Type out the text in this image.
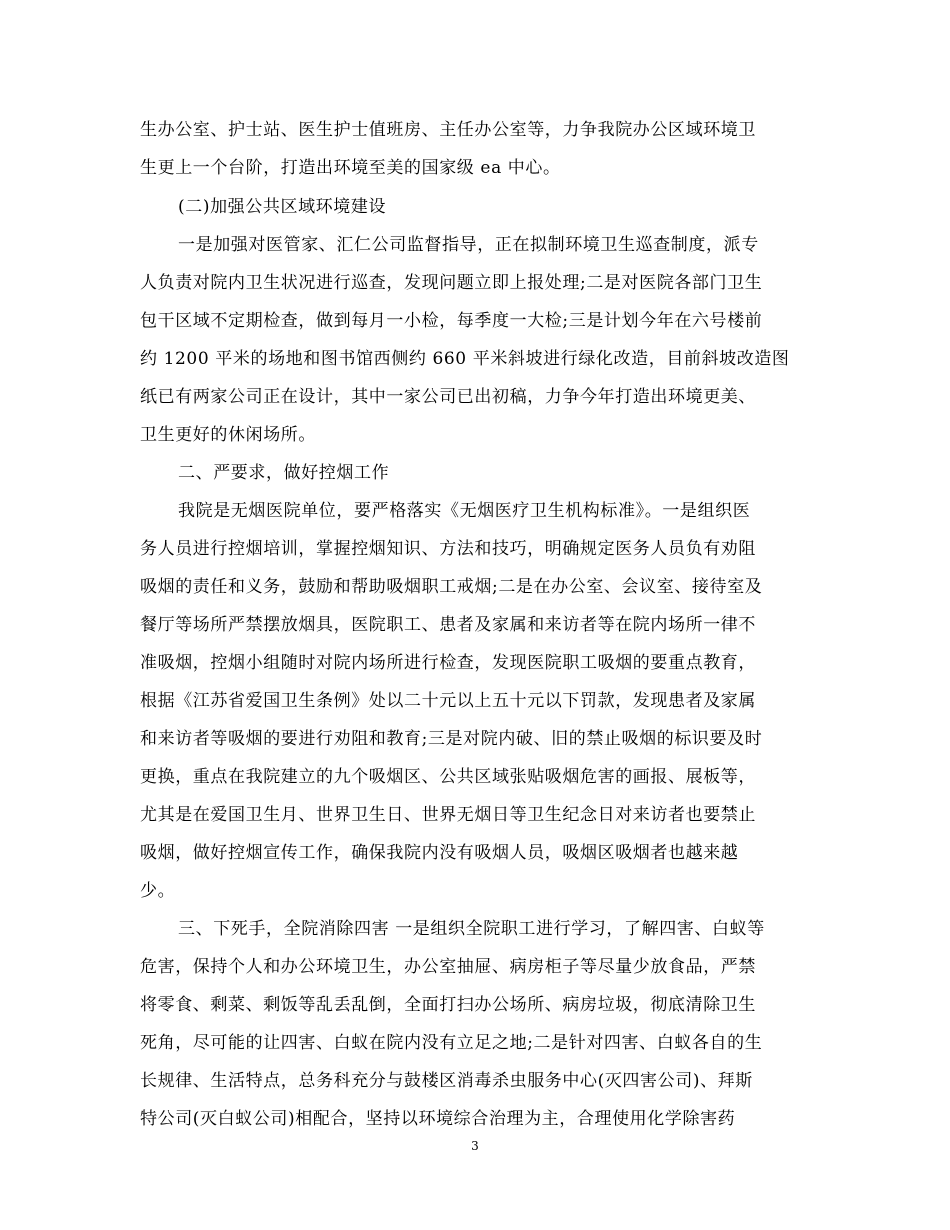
生办公室、护士站、医生护士值班房、主任办公室等，力争我院办公区域环境卫
生更上一个台阶，打造出环境至美的国家级 ea 中心。
(二)加强公共区域环境建设
一是加强对医管家、汇仁公司监督指导，正在拟制环境卫生巡查制度，派专
人负责对院内卫生状况进行巡查，发现问题立即上报处理;二是对医院各部门卫生
包干区域不定期检查，做到每月一小检，每季度一大检;三是计划今年在六号楼前
约 1200 平米的场地和图书馆西侧约 660 平米斜坡进行绿化改造，目前斜坡改造图
纸已有两家公司正在设计，其中一家公司已出初稿，力争今年打造出环境更美、
卫生更好的休闲场所。
二、严要求，做好控烟工作
我院是无烟医院单位，要严格落实《无烟医疗卫生机构标准》。一是组织医
务人员进行控烟培训，掌握控烟知识、方法和技巧，明确规定医务人员负有劝阻
吸烟的责任和义务，鼓励和帮助吸烟职工戒烟;二是在办公室、会议室、接待室及
餐厅等场所严禁摆放烟具，医院职工、患者及家属和来访者等在院内场所一律不
准吸烟，控烟小组随时对院内场所进行检查，发现医院职工吸烟的要重点教育，
根据《江苏省爱国卫生条例》处以二十元以上五十元以下罚款，发现患者及家属
和来访者等吸烟的要进行劝阻和教育;三是对院内破、旧的禁止吸烟的标识要及时
更换，重点在我院建立的九个吸烟区、公共区域张贴吸烟危害的画报、展板等，
尤其是在爱国卫生月、世界卫生日、世界无烟日等卫生纪念日对来访者也要禁止
吸烟，做好控烟宣传工作，确保我院内没有吸烟人员，吸烟区吸烟者也越来越
少。
三、下死手，全院消除四害 一是组织全院职工进行学习，了解四害、白蚁等
危害，保持个人和办公环境卫生，办公室抽屉、病房柜子等尽量少放食品，严禁
将零食、剩菜、剩饭等乱丢乱倒，全面打扫办公场所、病房垃圾，彻底清除卫生
死角，尽可能的让四害、白蚁在院内没有立足之地;二是针对四害、白蚁各自的生
长规律、生活特点，总务科充分与鼓楼区消毒杀虫服务中心(灭四害公司)、拜斯
特公司(灭白蚁公司)相配合，坚持以环境综合治理为主，合理使用化学除害药
3
